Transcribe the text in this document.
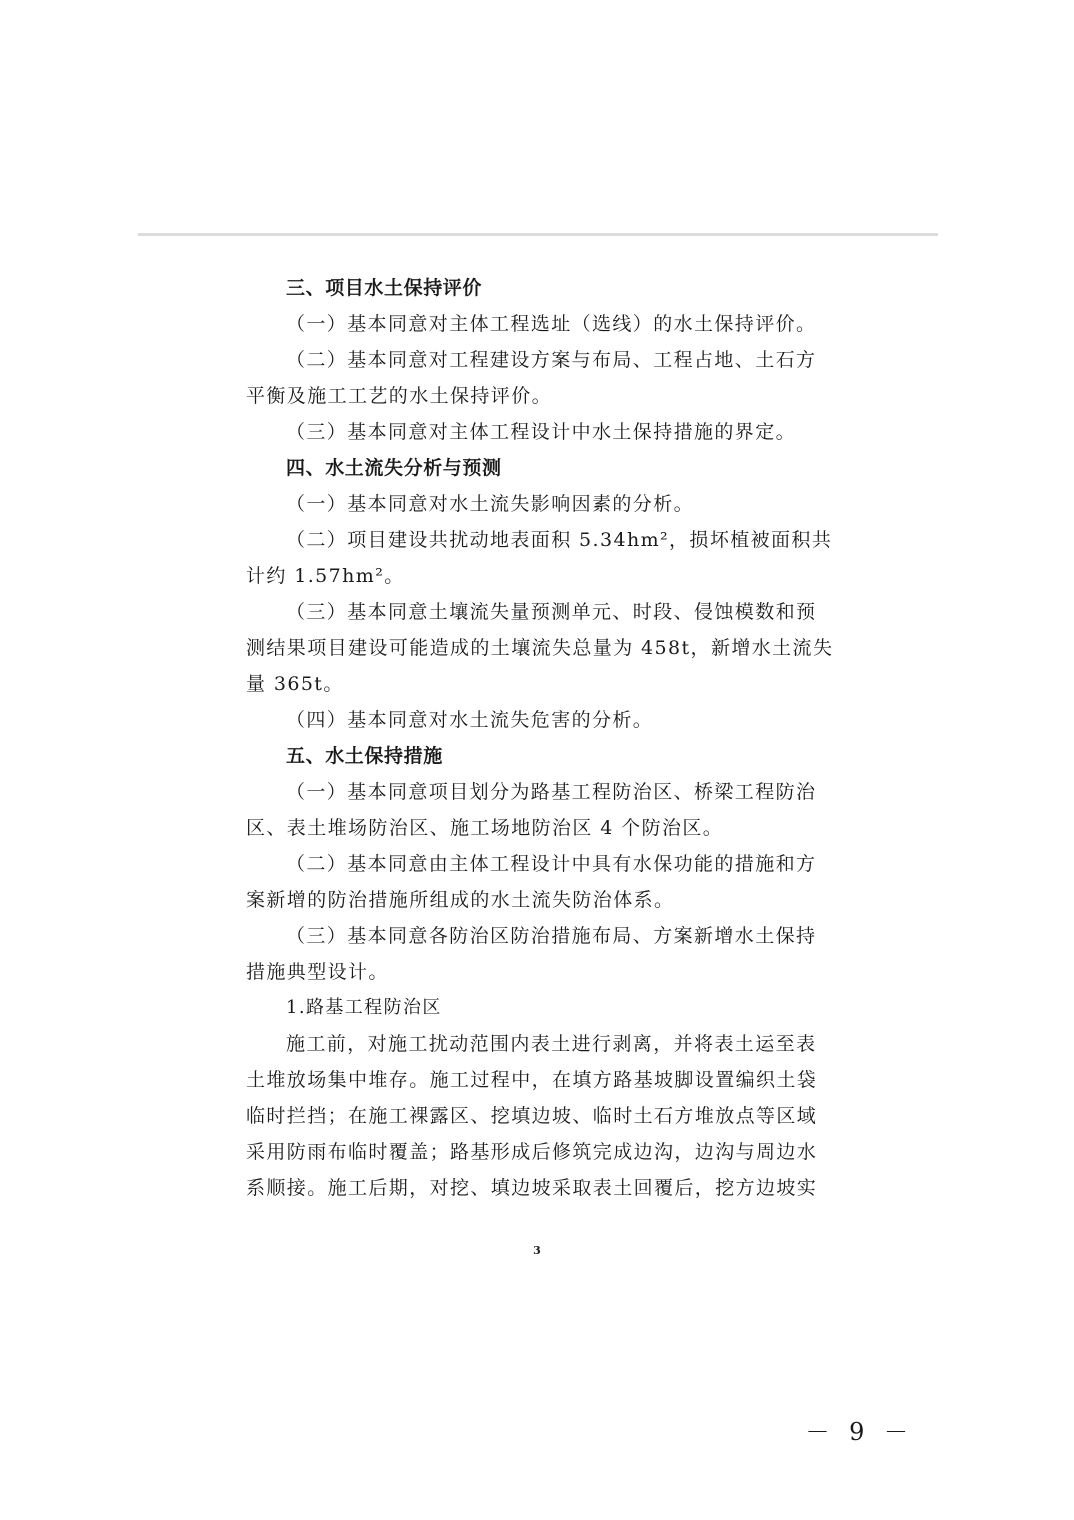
三、项目水土保持评价
（一）基本同意对主体工程选址（选线）的水土保持评价。
（二）基本同意对工程建设方案与布局、工程占地、土石方
平衡及施工工艺的水土保持评价。
（三）基本同意对主体工程设计中水土保持措施的界定。
四、水土流失分析与预测
（一）基本同意对水土流失影响因素的分析。
（二）项目建设共扰动地表面积 5.34hm²，损坏植被面积共
计约 1.57hm²。
（三）基本同意土壤流失量预测单元、时段、侵蚀模数和预
测结果项目建设可能造成的土壤流失总量为 458t，新增水土流失
量 365t。
（四）基本同意对水土流失危害的分析。
五、水土保持措施
（一）基本同意项目划分为路基工程防治区、桥梁工程防治
区、表土堆场防治区、施工场地防治区 4 个防治区。
（二）基本同意由主体工程设计中具有水保功能的措施和方
案新增的防治措施所组成的水土流失防治体系。
（三）基本同意各防治区防治措施布局、方案新增水土保持
措施典型设计。
1.路基工程防治区
施工前，对施工扰动范围内表土进行剥离，并将表土运至表
土堆放场集中堆存。施工过程中，在填方路基坡脚设置编织土袋
临时拦挡；在施工裸露区、挖填边坡、临时土石方堆放点等区域
采用防雨布临时覆盖；路基形成后修筑完成边沟，边沟与周边水
系顺接。施工后期，对挖、填边坡采取表土回覆后，挖方边坡实
3
－ 9 －
